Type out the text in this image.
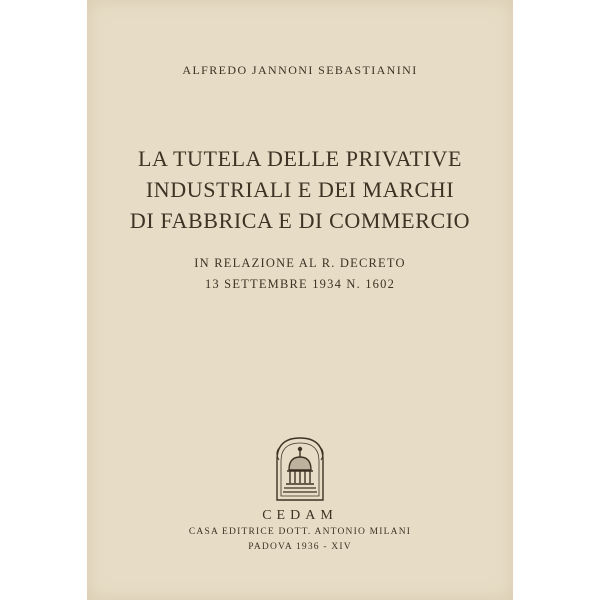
ALFREDO JANNONI SEBASTIANINI
LA TUTELA DELLE PRIVATIVE
INDUSTRIALI E DEI MARCHI
DI FABBRICA E DI COMMERCIO
IN RELAZIONE AL R. DECRETO
13 SETTEMBRE 1934 N. 1602
CEDAM
CASA EDITRICE DOTT. ANTONIO MILANI
PADOVA 1936 - XIV
